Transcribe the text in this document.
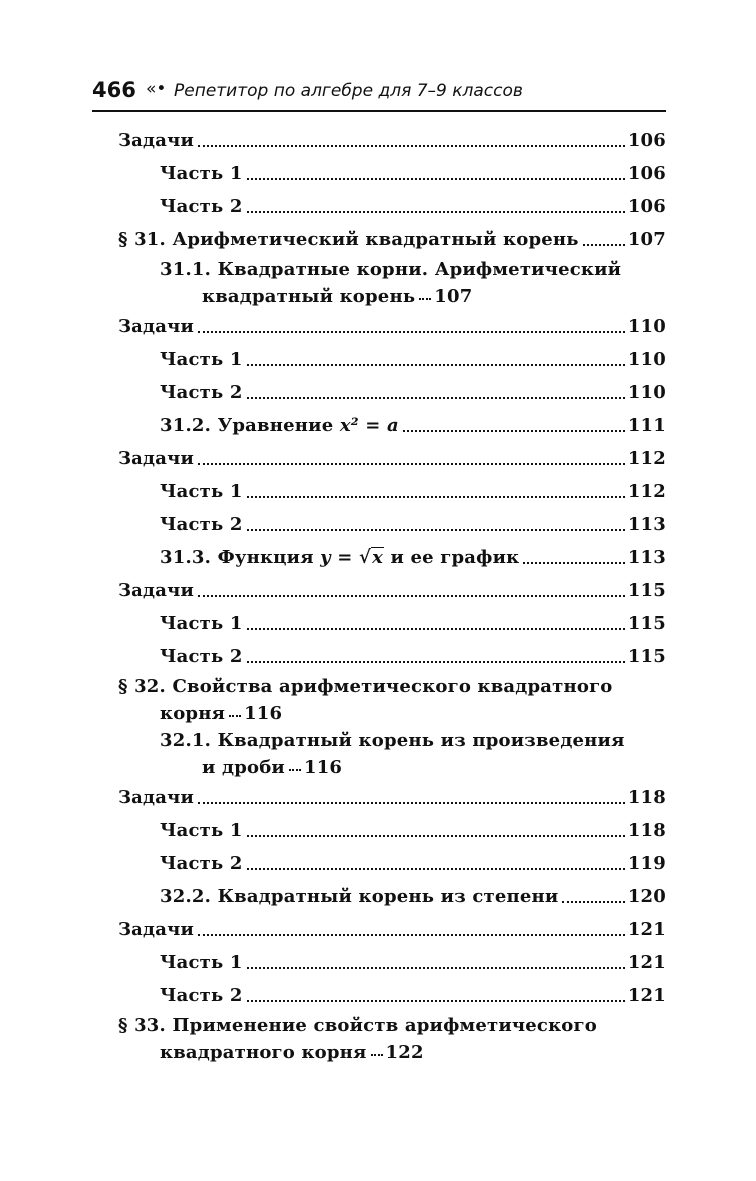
466 «• Репетитор по алгебре для 7–9 классов
Задачи	106
Часть 1	106
Часть 2	106
§ 31. Арифметический квадратный корень	107
31.1. Квадратные корни. Арифметический
квадратный корень 107
Задачи	110
Часть 1	110
Часть 2	110
31.2. Уравнение x² = a	111
Задачи	112
Часть 1	112
Часть 2	113
31.3. Функция y = √x и ее график	113
Задачи	115
Часть 1	115
Часть 2	115
§ 32. Свойства арифметического квадратного
корня 116
32.1. Квадратный корень из произведения
и дроби 116
Задачи	118
Часть 1	118
Часть 2	119
32.2. Квадратный корень из степени	120
Задачи	121
Часть 1	121
Часть 2	121
§ 33. Применение свойств арифметического
квадратного корня 122
